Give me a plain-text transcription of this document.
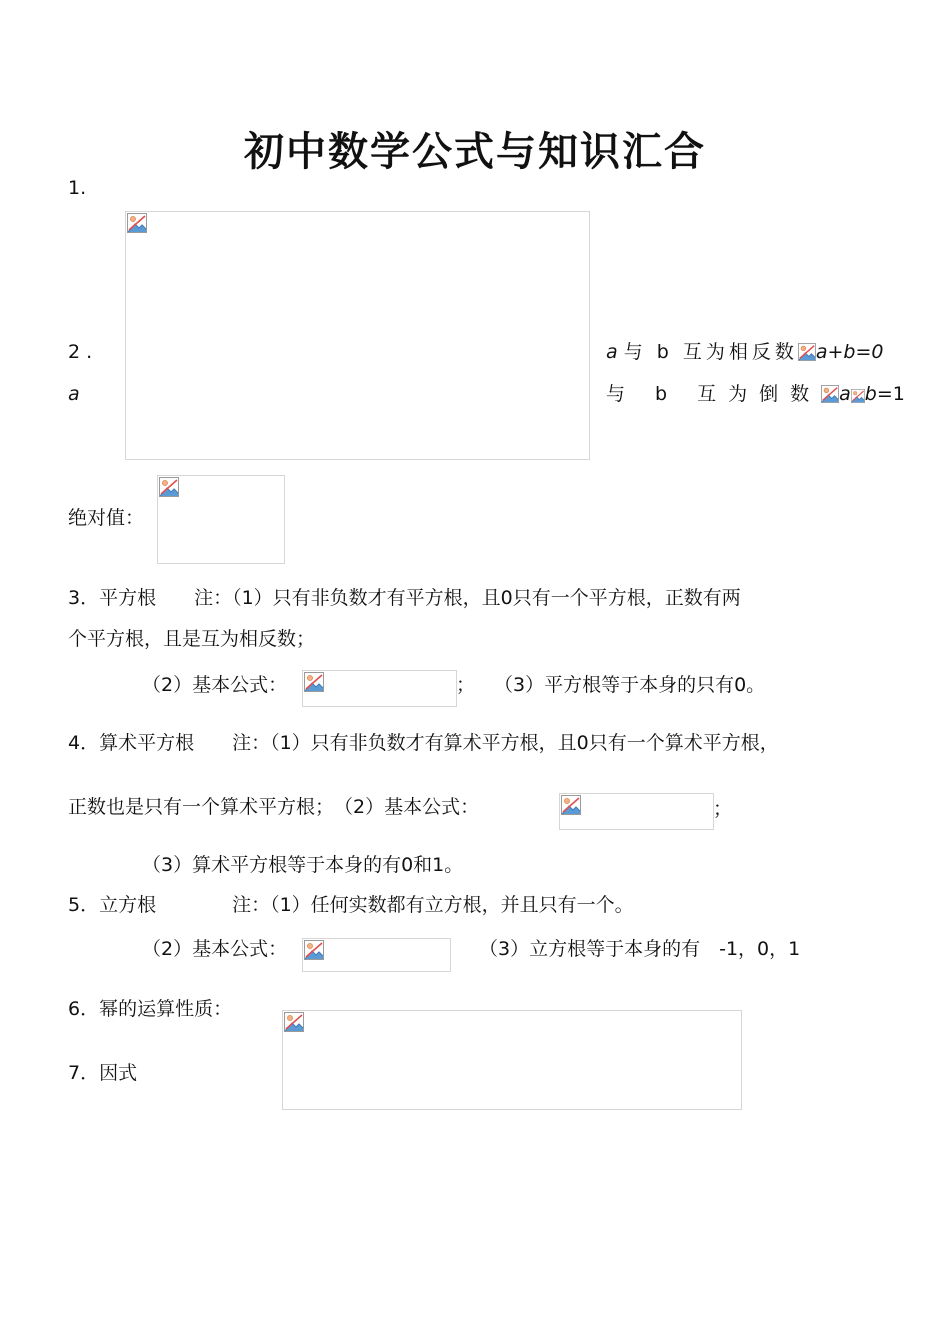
初中数学公式与知识汇合
1.
2 .
a
a 与 b 互为相反数 a+b=0
与 b 互为倒数 a b=1
绝对值：
3．平方根　　注：（1）只有非负数才有平方根，且0只有一个平方根，正数有两
个平方根，且是互为相反数；
（2）基本公式：	； （3）平方根等于本身的只有0。
4．算术平方根　　注：（1）只有非负数才有算术平方根，且0只有一个算术平方根，
正数也是只有一个算术平方根；　（2）基本公式：	；
（3）算术平方根等于本身的有0和1。
5．立方根　　　　注：（1）任何实数都有立方根，并且只有一个。
（2）基本公式：	（3）立方根等于本身的有　-1，0，1
6．幂的运算性质：
7．因式
